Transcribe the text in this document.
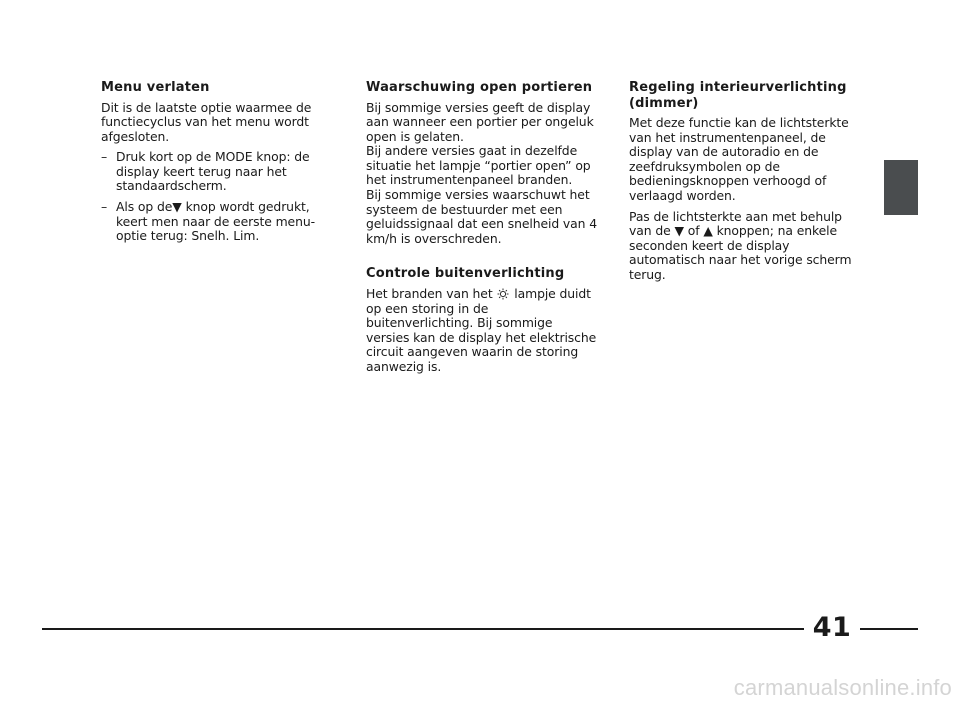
Menu verlaten
Dit is de laatste optie waarmee de functiecyclus van het menu wordt afgesloten.
– Druk kort op de MODE knop: de display keert terug naar het standaardscherm.
– Als op de▼ knop wordt gedrukt, keert men naar de eerste menu-optie terug: Snelh. Lim.
Waarschuwing open portieren
Bij sommige versies geeft de display aan wanneer een portier per ongeluk open is gelaten.
Bij andere versies gaat in dezelfde situatie het lampje “portier open” op het instrumentenpaneel branden.
Bij sommige versies waarschuwt het systeem de bestuurder met een geluidssignaal dat een snelheid van 4 km/h is overschreden.
Controle buitenverlichting
Het branden van het  lampje duidt op een storing in de buitenverlichting. Bij sommige versies kan de display het elektrische circuit aangeven waarin de storing aanwezig is.
Regeling interieurverlichting (dimmer)
Met deze functie kan de lichtsterkte van het instrumentenpaneel, de display van de autoradio en de zeefdruksymbolen op de bedieningsknoppen verhoogd of verlaagd worden.
Pas de lichtsterkte aan met behulp van de ▼ of ▲ knoppen; na enkele seconden keert de display automatisch naar het vorige scherm terug.
41
carmanualsonline.info
